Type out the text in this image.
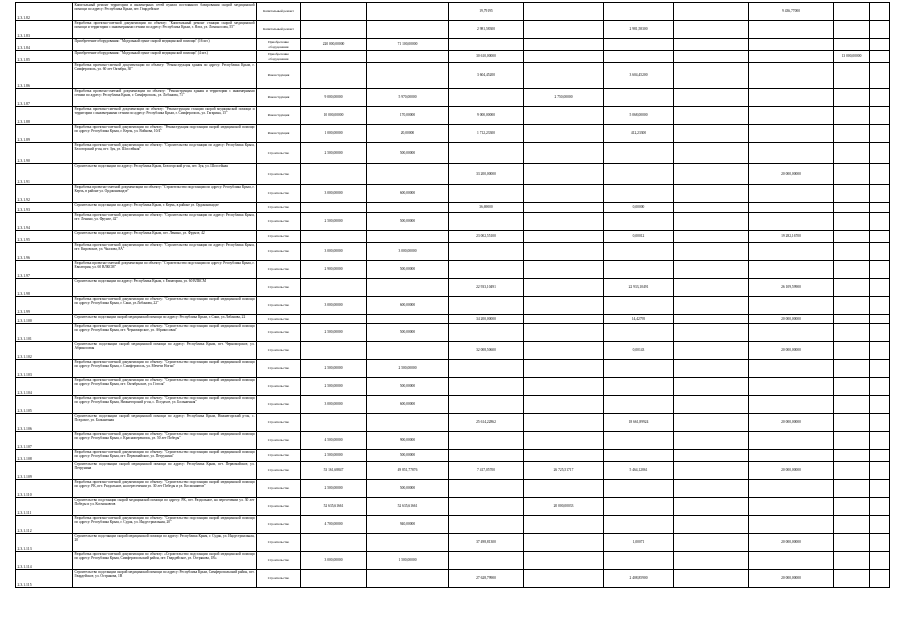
2.3.1.82	Капитальный ремонт территории и инженерных сетей пункта постоянного базирования скорой медицинской помощи по адресу: Республика Крым, пгт. Гвардейское	Капитальный ремонт			19,79195				9 436,77000		
2.3.1.83	Разработка проектно-сметной документации по объекту: "Капитальный ремонт станции скорой медицинской помощи и территории с инженерными сетями по адресу: Республика Крым, г. Ялта, ул. Ломоносова, 55"	Капитальный ремонт			2 981,58300		2 981,58300				
2.3.1.84	Приобретение оборудования: "Модульный пункт скорой медицинской помощи" (16 шт.)	Приобретение оборудования	220 000,00000	71 100,00000							
2.3.1.85	Приобретение оборудования: "Модульный пункт скорой медицинской помощи" (4 шт.)	Приобретение оборудования			30 610,00000					13 000,00000	
2.3.1.86	Разработка проектно-сметной документации по объекту: "Реконструкция здания по адресу: Республика Крым, г. Симферополь, ул. 60 лет Октября, 30"	Реконструкция			3 604,45200		3 604,45200				
2.3.1.87	Разработка проектно-сметной документации по объекту: "Реконструкция здания и территории с инженерными сетями по адресу: Республика Крым, г. Симферополь, ул. Лобанова, 71"	Реконструкция	9 000,00000	5 970,00000		2 750,00000					
2.3.1.88	Разработка проектно-сметной документации по объекту: "Реконструкция станции скорой медицинской помощи и территории с инженерными сетями по адресу: Республика Крым, г. Симферополь, ул. Гагарина, 15"	Реконструкция	10 000,00000	170,00000	9 000,00000		5 068,00000				
2.3.1.89	Разработка проектно-сметной документации по объекту: "Реконструкция подстанции скорой медицинской помощи по адресу: Республика Крым, г. Керчь, ул. Войкова, 10/4"	Реконструкция	1 000,00000	20,00000	1 712,23300		412,23300				
2.3.1.90	Разработка проектно-сметной документации по объекту: "Строительство подстанции по адресу: Республика Крым, Белогорский р-он, пгт. Зуя, ул. Шоссейная"	Строительство	2 500,00000	500,00000							
2.3.1.91	Строительство подстанции по адресу: Республика Крым, Белогорский р-он, пгт. Зуя, ул. Шоссейная	Строительство			33 200,00000				20 000,00000		
2.3.1.92	Разработка проектно-сметной документации по объекту: "Строительство подстанции по адресу: Республика Крым, г. Керчь, в районе ул. Орджоникидзе"	Строительство	3 000,00000	600,00000							
2.3.1.93	Строительство подстанции по адресу: Республика Крым, г. Керчь, в районе ул. Орджоникидзе	Строительство			36,69000		0,00000				
2.3.1.94	Разработка проектно-сметной документации по объекту: "Строительство подстанции по адресу: Республика Крым, пгт. Ленино, ул. Фрунзе, 42"	Строительство	2 500,00000	500,00000							
2.3.1.95	Строительство подстанции по адресу: Республика Крым, пгт. Ленино, ул. Фрунзе, 42	Строительство			23 002,55100		0,00012		19 282,16700		
2.3.1.96	Разработка проектно-сметной документации по объекту: "Строительство подстанции по адресу: Республика Крым, пгт. Кировское, ул. Чкалова, 8А"	Строительство	3 000,00000	3 000,00000							
2.3.1.97	Разработка проектно-сметной документации по объекту: "Строительство подстанции по адресу: Республика Крым, г. Евпатория, ул. 60 ВЛКСМ"	Строительство	2 900,00000	500,00000							
2.3.1.98	Строительство подстанции по адресу: Республика Крым, г. Евпатория, ул. 60 ВЛКСМ	Строительство			22 933,10491		22 933,10491		26 109,59900		
2.3.1.99	Разработка проектно-сметной документации по объекту: "Строительство подстанции скорой медицинской помощи по адресу: Республика Крым, г. Саки, ул.Лобанова, 22"	Строительство	3 000,00000	600,00000							
2.3.1.100	Строительство подстанции скорой медицинской помощи по адресу: Республика Крым, г. Саки, ул.Лобанова, 22	Строительство			34 200,00000		14,42795		20 000,00000		
2.3.1.101	Разработка проектно-сметной документации по объекту: "Строительство подстанции скорой медицинской помощи по адресу: Республика Крым, пгт. Черноморское, ул. Абрикосовая"	Строительство	2 500,00000	500,00000							
2.3.1.102	Строительство подстанции скорой медицинской помощи по адресу: Республика Крым, пгт. Черноморское, ул. Абрикосовая	Строительство			32 008,50600		0,00143		20 000,00000		
2.3.1.103	Разработка проектно-сметной документации по объекту: "Строительство подстанции скорой медицинской помощи по адресу: Республика Крым, г. Симферополь, ул. Мечети Ногаи"	Строительство	2 500,00000	2 500,00000							
2.3.1.104	Разработка проектно-сметной документации по объекту: "Строительство подстанции скорой медицинской помощи по адресу: Республика Крым, пгт. Октябрьское, ул. Гоголя"	Строительство	2 500,00000	500,00000							
2.3.1.105	Разработка проектно-сметной документации по объекту: "Строительство подстанции скорой медицинской помощи по адресу: Республика Крым, Нижнегорский р-он, с. Пседахое, ул. Больничная"	Строительство	3 000,00000	600,00000							
2.3.1.106	Строительство подстанции скорой медицинской помощи по адресу: Республика Крым, Нижнегорский р-он, с. Пседахое, ул. Больничная	Строительство			25 614,22862		18 661,89924		20 000,00000		
2.3.1.107	Разработка проектно-сметной документации по объекту: "Строительство подстанции скорой медицинской помощи по адресу: Республика Крым, г. Красноперекопск, ул. 50 лет Победы"	Строительство	4 500,00000	900,00000							
2.3.1.108	Разработка проектно-сметной документации по объекту: "Строительство подстанции скорой медицинской помощи по адресу: Республика Крым, пгт. Первомайское, ул. Петрунина"	Строительство	2 500,00000	500,00000							
2.3.1.109	Строительство подстанции скорой медицинской помощи по адресу: Республика Крым, пгт. Первомайское, ул. Петрунина	Строительство	53 161,68847	49 851,77876	7 417,05700	26 725,51717	5 464,12861		20 000,00000		
2.3.1.110	Разработка проектно-сметной документации по объекту: "Строительство подстанции скорой медицинской помощи по адресу: РК, пгт. Раздольное, на пересечении ул. 30 лет Победы и ул. Космонавтов"	Строительство	2 500,00000	500,00000							
2.3.1.111	Строительство подстанции скорой медицинской помощи по адресу: РК, пгт. Раздольное, на пересечении ул. 30 лет Победы и ул. Космонавтов	Строительство	52 635,61661	52 635,61661		20 000,00033					
2.3.1.112	Разработка проектно-сметной документации по объекту: "Строительство подстанции скорой медицинской помощи по адресу: Республика Крым, г. Судак, ул. Индустриальная, 20"	Строительство	4 700,00000	940,00000							
2.3.1.113	Строительство подстанции скорой медицинской помощи по адресу: Республика Крым, г. Судак, ул. Индустриальная, 20	Строительство			37 498,81300		1,00071		20 000,00000		
2.3.1.114	Разработка проектно-сметной документации по объекту: «Строительство подстанции скорой медицинской помощи по адресу: Республика Крым, Симферопольский район, пгт. Гвардейское, ул. Острякова, 1В»	Строительство	3 000,00000	1 500,00000							
2.3.1.115	Строительство подстанции скорой медицинской помощи по адресу: Республика Крым, Симферопольский район, пгт. Гвардейское, ул. Острякова, 1В	Строительство			27 628,79900		2 408,85900		20 000,00000		
